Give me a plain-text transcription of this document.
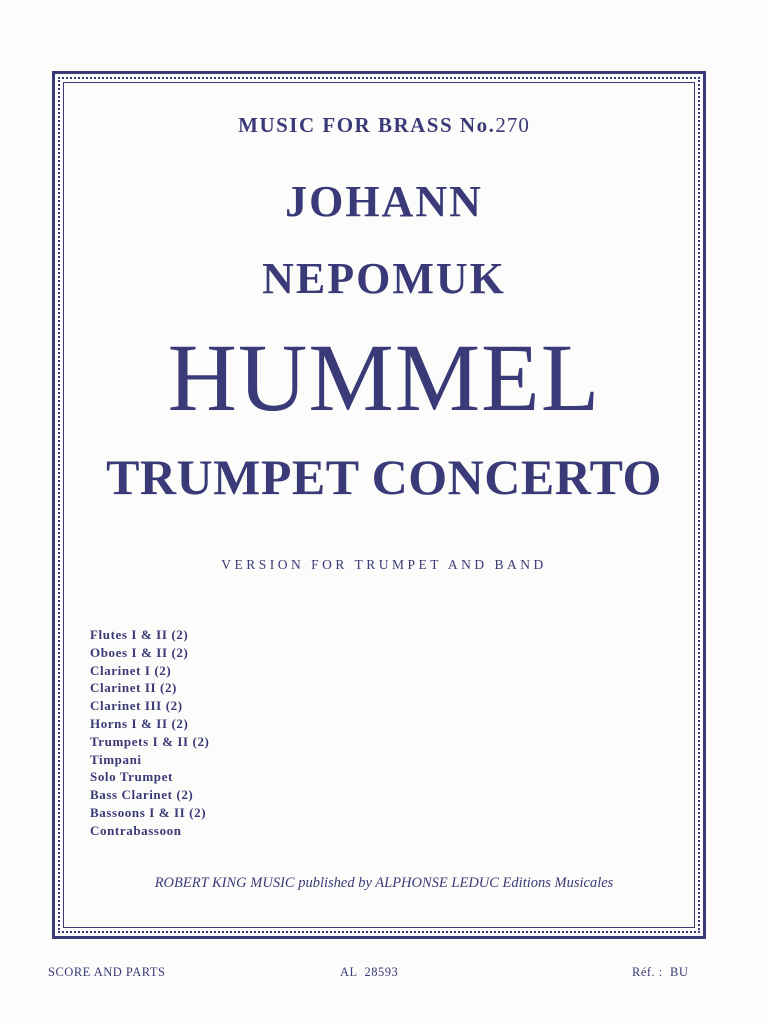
MUSIC FOR BRASS No.270
JOHANN
NEPOMUK
HUMMEL
TRUMPET CONCERTO
VERSION FOR TRUMPET AND BAND
Flutes I & II (2)
Oboes I & II (2)
Clarinet I (2)
Clarinet II (2)
Clarinet III (2)
Horns I & II (2)
Trumpets I & II (2)
Timpani
Solo Trumpet
Bass Clarinet (2)
Bassoons I & II (2)
Contrabassoon
ROBERT KING MUSIC published by ALPHONSE LEDUC Editions Musicales
SCORE AND PARTS	AL  28593	Réf. :  BU
